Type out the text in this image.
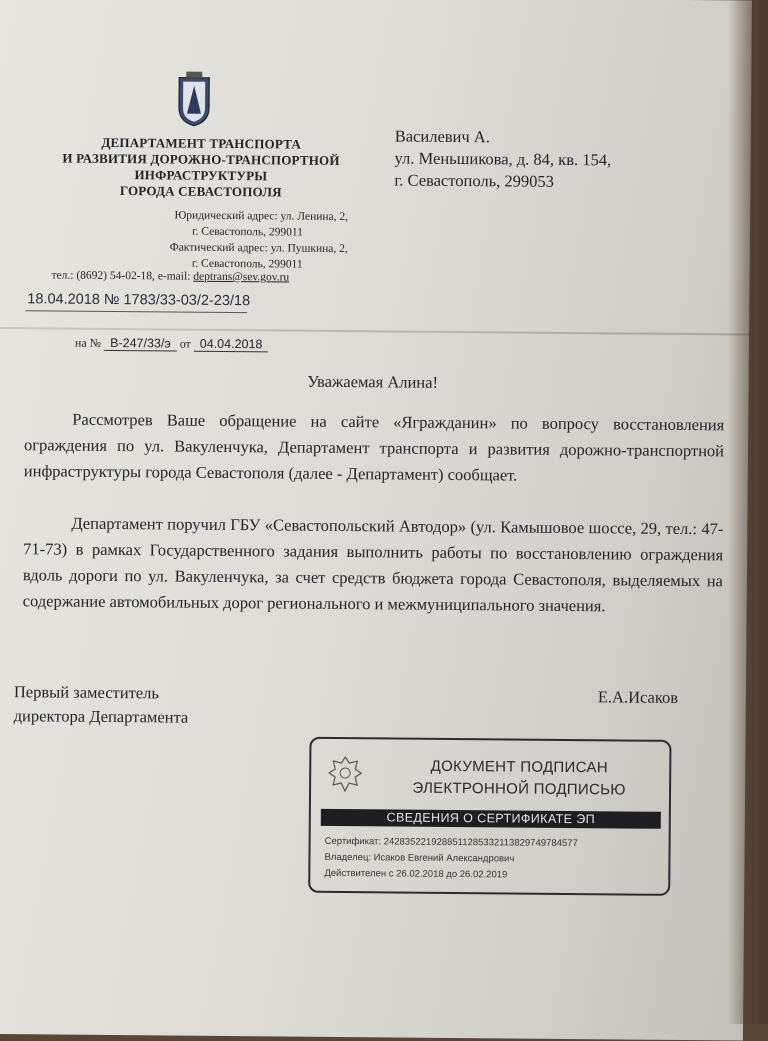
ДЕПАРТАМЕНТ ТРАНСПОРТА
И РАЗВИТИЯ ДОРОЖНО-ТРАНСПОРТНОЙ
ИНФРАСТРУКТУРЫ
ГОРОДА СЕВАСТОПОЛЯ
Юридический адрес: ул. Ленина, 2,
г. Севастополь, 299011
Фактический адрес: ул. Пушкина, 2,
г. Севастополь, 299011
тел.: (8692) 54-02-18, e-mail: deptrans@sev.gov.ru
18.04.2018 № 1783/33-03/2-23/18
на № В-247/33/э от 04.04.2018
Василевич А.
ул. Меньшикова, д. 84, кв. 154,
г. Севастополь, 299053
Уважаемая Алина!

Рассмотрев Ваше обращение на сайте «Ягражданин» по вопросу восстановления ограждения по ул. Вакуленчука, Департамент транспорта и развития дорожно-транспортной инфраструктуры города Севастополя (далее - Департамент) сообщает.

Департамент поручил ГБУ «Севастопольский Автодор» (ул. Камышовое шоссе, 29, тел.: 47-71-73) в рамках Государственного задания выполнить работы по восстановлению ограждения вдоль дороги по ул. Вакуленчука, за счет средств бюджета города Севастополя, выделяемых на содержание автомобильных дорог регионального и межмуниципального значения.

Первый заместитель
директора Департамента
Е.А.Исаков
ДОКУМЕНТ ПОДПИСАН
ЭЛЕКТРОННОЙ ПОДПИСЬЮ
СВЕДЕНИЯ О СЕРТИФИКАТЕ ЭП
Сертификат: 242835221928851128533211382974978457​7
Владелец: Исаков Евгений Александрович
Действителен с 26.02.2018 до 26.02.2019
